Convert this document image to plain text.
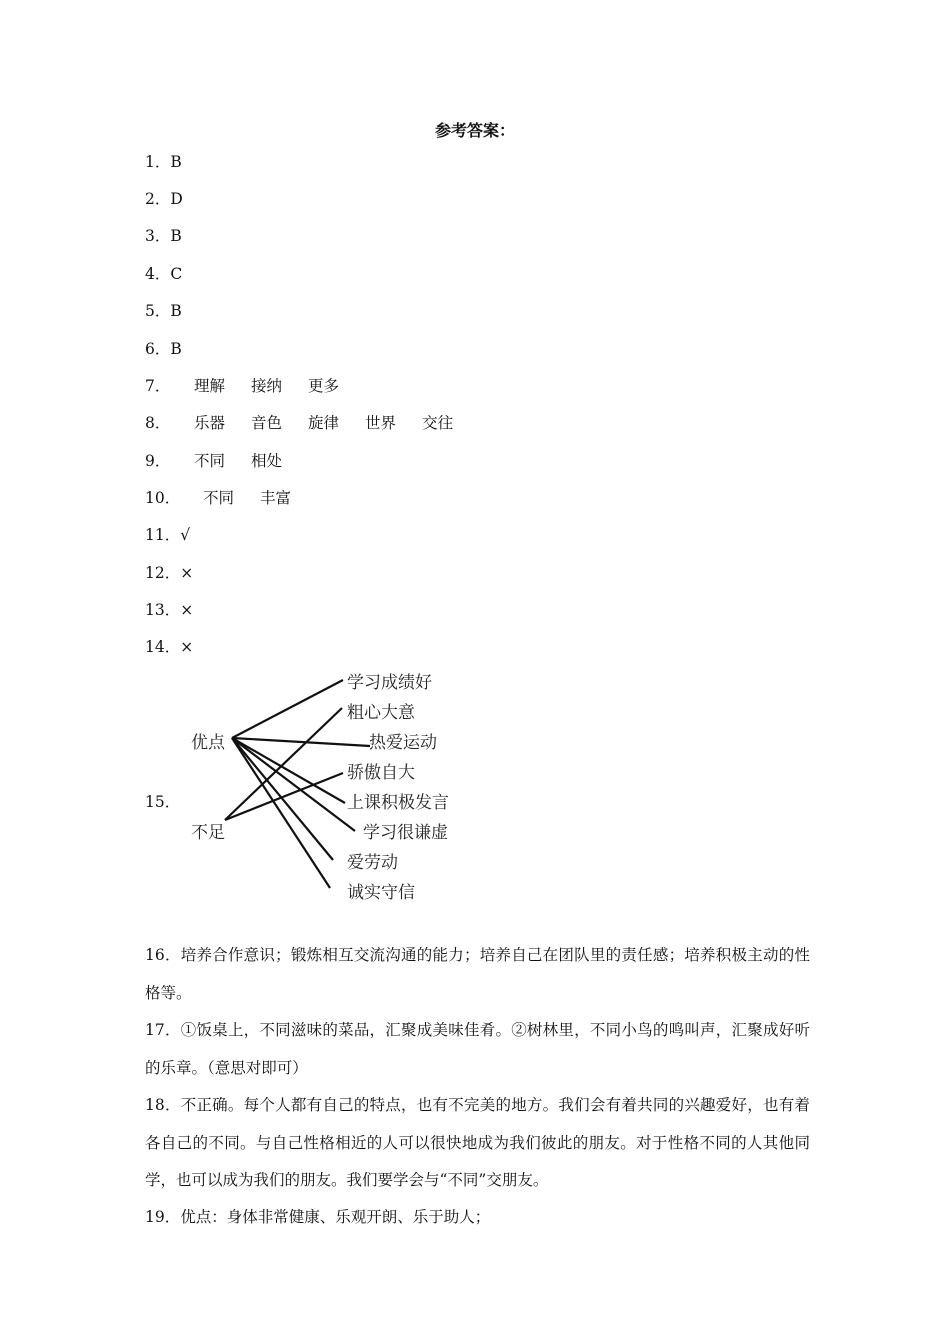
参考答案：
1．B
2．D
3．B
4．C
5．B
6．B
7． 理解 接纳 更多
8． 乐器 音色 旋律 世界 交往
9． 不同 相处
10． 不同 丰富
11．√
12．×
13．×
14．×
15．
优点
不足
学习成绩好
粗心大意
热爱运动
骄傲自大
上课积极发言
学习很谦虚
爱劳动
诚实守信
16．培养合作意识；锻炼相互交流沟通的能力；培养自己在团队里的责任感；培养积极主动的性格等。
17．①饭桌上，不同滋味的菜品，汇聚成美味佳肴。②树林里，不同小鸟的鸣叫声，汇聚成好听的乐章。（意思对即可）
18．不正确。每个人都有自己的特点，也有不完美的地方。我们会有着共同的兴趣爱好，也有着各自己的不同。与自己性格相近的人可以很快地成为我们彼此的朋友。对于性格不同的人其他同学，也可以成为我们的朋友。我们要学会与“不同”交朋友。
19．优点：身体非常健康、乐观开朗、乐于助人；
